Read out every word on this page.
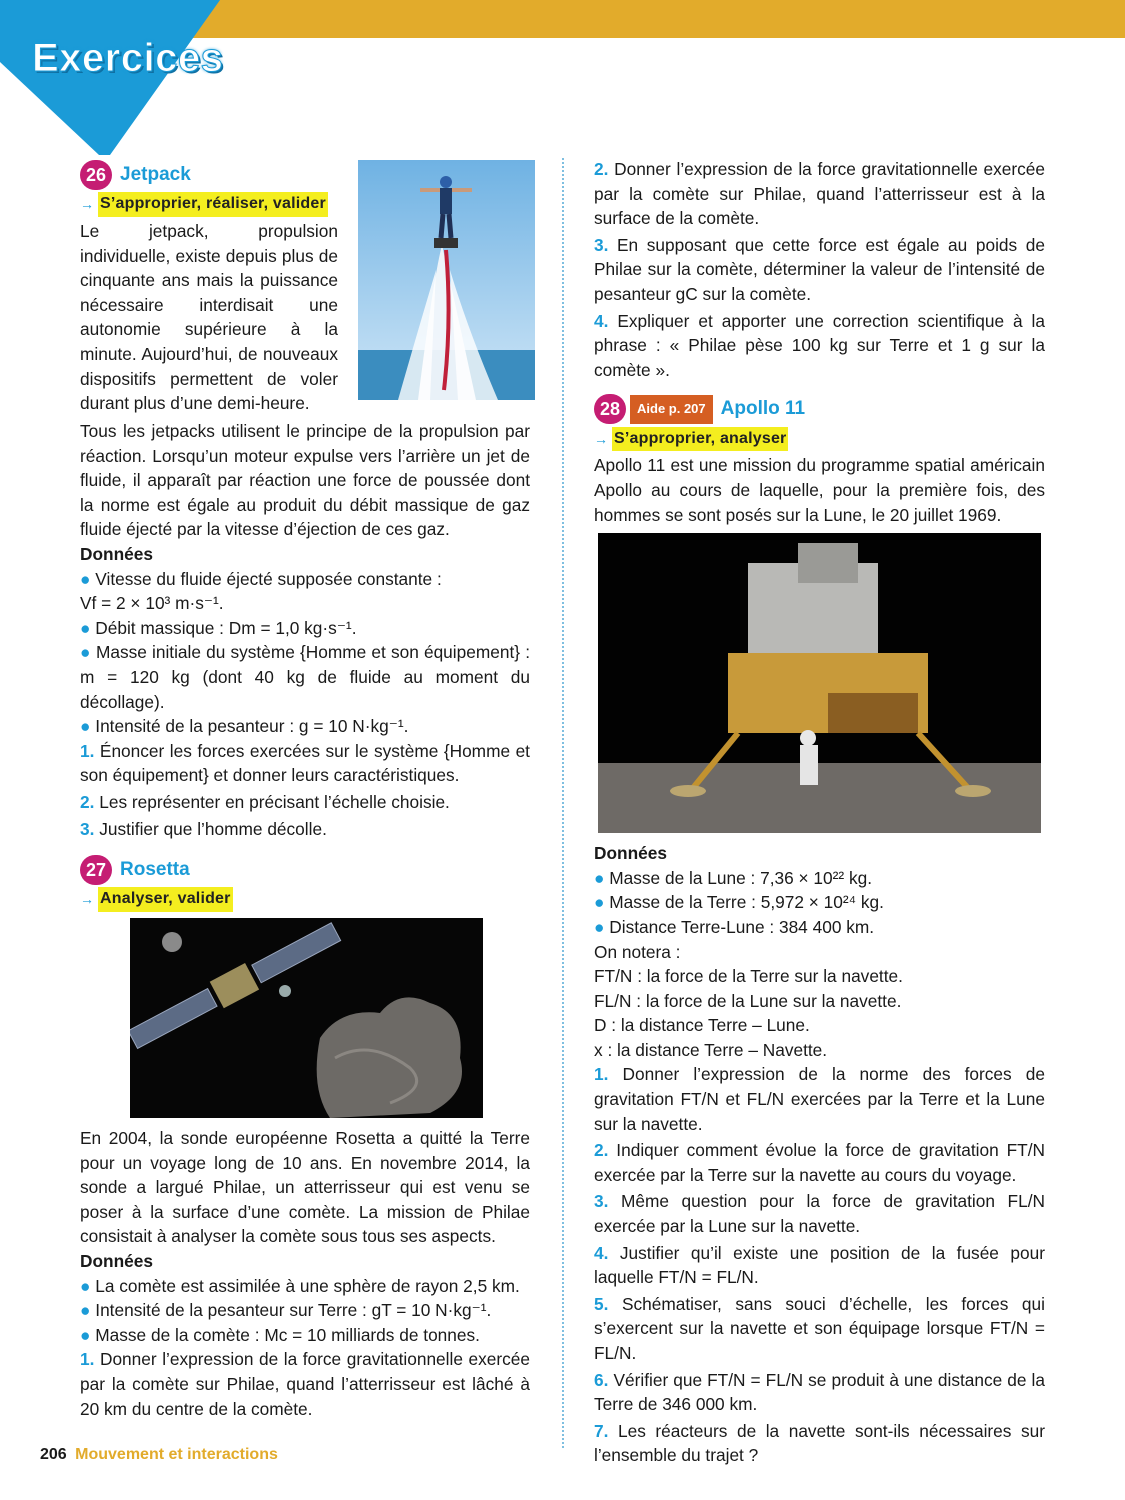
Exercices
26 Jetpack
→ S’approprier, réaliser, valider

Le jetpack, propulsion individuelle, existe depuis plus de cinquante ans mais la puissance nécessaire interdisait une autonomie supérieure à la minute. Aujourd’hui, de nouveaux dispositifs permettent de voler durant plus d’une demi-heure.

Tous les jetpacks utilisent le principe de la propulsion par réaction. Lorsqu’un moteur expulse vers l’arrière un jet de fluide, il apparaît par réaction une force de poussée dont la norme est égale au produit du débit massique de gaz fluide éjecté par la vitesse d’éjection de ces gaz.

Données
● Vitesse du fluide éjecté supposée constante :
Vf = 2 × 10³ m·s⁻¹.
● Débit massique : Dm = 1,0 kg·s⁻¹.
● Masse initiale du système {Homme et son équipement} : m = 120 kg (dont 40 kg de fluide au moment du décollage).
● Intensité de la pesanteur : g = 10 N·kg⁻¹.
1. Énoncer les forces exercées sur le système {Homme et son équipement} et donner leurs caractéristiques.
2. Les représenter en précisant l’échelle choisie.
3. Justifier que l’homme décolle.
27 Rosetta
→ Analyser, valider

En 2004, la sonde européenne Rosetta a quitté la Terre pour un voyage long de 10 ans. En novembre 2014, la sonde a largué Philae, un atterrisseur qui est venu se poser à la surface d’une comète. La mission de Philae consistait à analyser la comète sous tous ses aspects.

Données
● La comète est assimilée à une sphère de rayon 2,5 km.
● Intensité de la pesanteur sur Terre : gT = 10 N·kg⁻¹.
● Masse de la comète : Mc = 10 milliards de tonnes.
1. Donner l’expression de la force gravitationnelle exercée par la comète sur Philae, quand l’atterrisseur est lâché à 20 km du centre de la comète.
2. Donner l’expression de la force gravitationnelle exercée par la comète sur Philae, quand l’atterrisseur est à la surface de la comète.
3. En supposant que cette force est égale au poids de Philae sur la comète, déterminer la valeur de l’intensité de pesanteur gC sur la comète.
4. Expliquer et apporter une correction scientifique à la phrase : « Philae pèse 100 kg sur Terre et 1 g sur la comète ».
28	Aide p. 207 Apollo 11
→ S’approprier, analyser

Apollo 11 est une mission du programme spatial américain Apollo au cours de laquelle, pour la première fois, des hommes se sont posés sur la Lune, le 20 juillet 1969.

Données
● Masse de la Lune : 7,36 × 10²² kg.
● Masse de la Terre : 5,972 × 10²⁴ kg.
● Distance Terre-Lune : 384 400 km.
On notera :
FT/N : la force de la Terre sur la navette.
FL/N : la force de la Lune sur la navette.
D : la distance Terre – Lune.
x : la distance Terre – Navette.
1. Donner l’expression de la norme des forces de gravitation FT/N et FL/N exercées par la Terre et la Lune sur la navette.
2. Indiquer comment évolue la force de gravitation FT/N exercée par la Terre sur la navette au cours du voyage.
3. Même question pour la force de gravitation FL/N exercée par la Lune sur la navette.
4. Justifier qu’il existe une position de la fusée pour laquelle FT/N = FL/N.
5. Schématiser, sans souci d’échelle, les forces qui s’exercent sur la navette et son équipage lorsque FT/N = FL/N.
6. Vérifier que FT/N = FL/N se produit à une distance de la Terre de 346 000 km.
7. Les réacteurs de la navette sont-ils nécessaires sur l’ensemble du trajet ?
206 Mouvement et interactions
